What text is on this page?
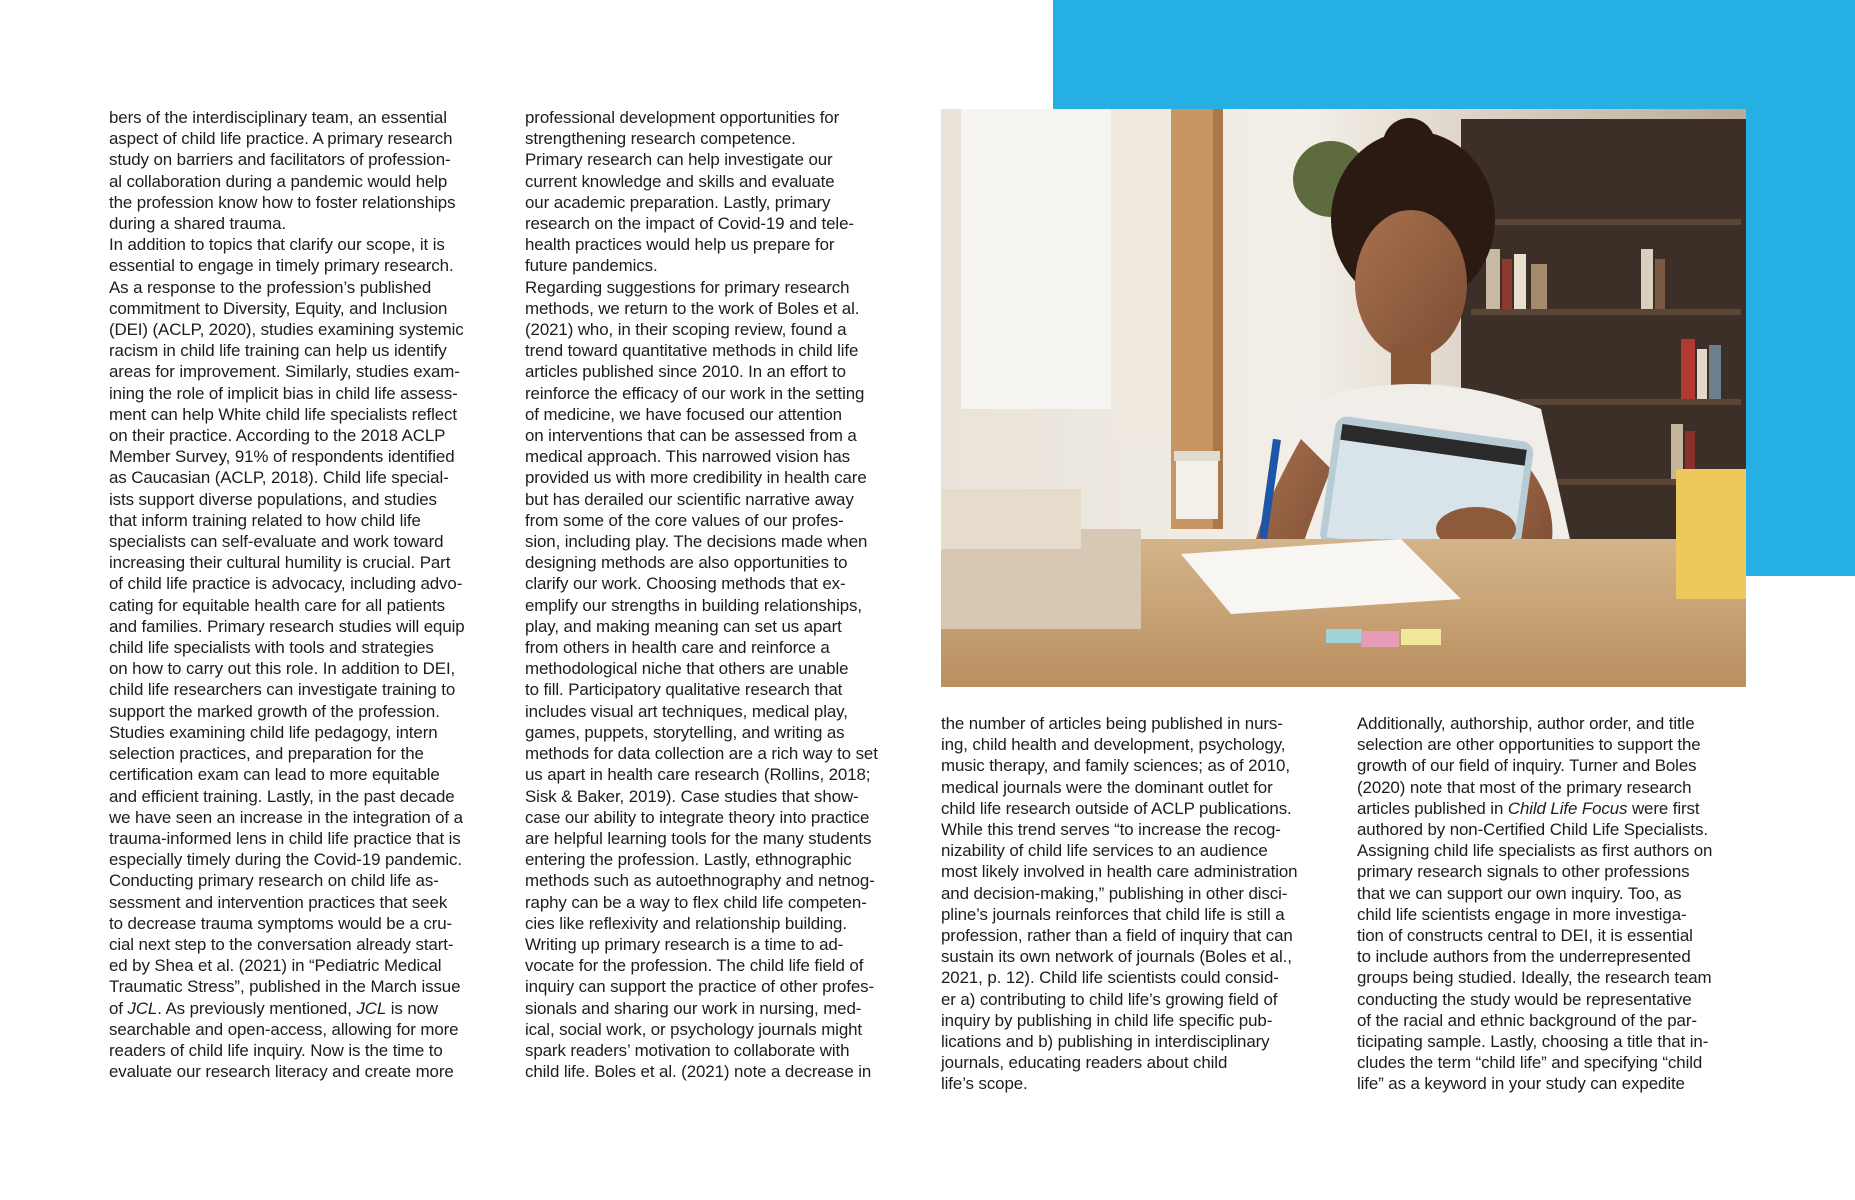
bers of the interdisciplinary team, an essential
aspect of child life practice. A primary research
study on barriers and facilitators of profession-
al collaboration during a pandemic would help
the profession know how to foster relationships
during a shared trauma.
In addition to topics that clarify our scope, it is
essential to engage in timely primary research.
As a response to the profession’s published
commitment to Diversity, Equity, and Inclusion
(DEI) (ACLP, 2020), studies examining systemic
racism in child life training can help us identify
areas for improvement. Similarly, studies exam-
ining the role of implicit bias in child life assess-
ment can help White child life specialists reflect
on their practice. According to the 2018 ACLP
Member Survey, 91% of respondents identified
as Caucasian (ACLP, 2018). Child life special-
ists support diverse populations, and studies
that inform training related to how child life
specialists can self-evaluate and work toward
increasing their cultural humility is crucial. Part
of child life practice is advocacy, including advo-
cating for equitable health care for all patients
and families. Primary research studies will equip
child life specialists with tools and strategies
on how to carry out this role. In addition to DEI,
child life researchers can investigate training to
support the marked growth of the profession.
Studies examining child life pedagogy, intern
selection practices, and preparation for the
certification exam can lead to more equitable
and efficient training. Lastly, in the past decade
we have seen an increase in the integration of a
trauma-informed lens in child life practice that is
especially timely during the Covid-19 pandemic.
Conducting primary research on child life as-
sessment and intervention practices that seek
to decrease trauma symptoms would be a cru-
cial next step to the conversation already start-
ed by Shea et al. (2021) in “Pediatric Medical
Traumatic Stress”, published in the March issue
of JCL. As previously mentioned, JCL is now
searchable and open-access, allowing for more
readers of child life inquiry. Now is the time to
evaluate our research literacy and create more
professional development opportunities for
strengthening research competence.
Primary research can help investigate our
current knowledge and skills and evaluate
our academic preparation. Lastly, primary
research on the impact of Covid-19 and tele-
health practices would help us prepare for
future pandemics.
Regarding suggestions for primary research
methods, we return to the work of Boles et al.
(2021) who, in their scoping review, found a
trend toward quantitative methods in child life
articles published since 2010. In an effort to
reinforce the efficacy of our work in the setting
of medicine, we have focused our attention
on interventions that can be assessed from a
medical approach. This narrowed vision has
provided us with more credibility in health care
but has derailed our scientific narrative away
from some of the core values of our profes-
sion, including play. The decisions made when
designing methods are also opportunities to
clarify our work. Choosing methods that ex-
emplify our strengths in building relationships,
play, and making meaning can set us apart
from others in health care and reinforce a
methodological niche that others are unable
to fill. Participatory qualitative research that
includes visual art techniques, medical play,
games, puppets, storytelling, and writing as
methods for data collection are a rich way to set
us apart in health care research (Rollins, 2018;
Sisk & Baker, 2019). Case studies that show-
case our ability to integrate theory into practice
are helpful learning tools for the many students
entering the profession. Lastly, ethnographic
methods such as autoethnography and netnog-
raphy can be a way to flex child life competen-
cies like reflexivity and relationship building.
Writing up primary research is a time to ad-
vocate for the profession. The child life field of
inquiry can support the practice of other profes-
sionals and sharing our work in nursing, med-
ical, social work, or psychology journals might
spark readers’ motivation to collaborate with
child life. Boles et al. (2021) note a decrease in
the number of articles being published in nurs-
ing, child health and development, psychology,
music therapy, and family sciences; as of 2010,
medical journals were the dominant outlet for
child life research outside of ACLP publications.
While this trend serves “to increase the recog-
nizability of child life services to an audience
most likely involved in health care administration
and decision-making,” publishing in other disci-
pline’s journals reinforces that child life is still a
profession, rather than a field of inquiry that can
sustain its own network of journals (Boles et al.,
2021, p. 12). Child life scientists could consid-
er a) contributing to child life’s growing field of
inquiry by publishing in child life specific pub-
lications and b) publishing in interdisciplinary
journals, educating readers about child
life’s scope.
Additionally, authorship, author order, and title
selection are other opportunities to support the
growth of our field of inquiry. Turner and Boles
(2020) note that most of the primary research
articles published in Child Life Focus were first
authored by non-Certified Child Life Specialists.
Assigning child life specialists as first authors on
primary research signals to other professions
that we can support our own inquiry. Too, as
child life scientists engage in more investiga-
tion of constructs central to DEI, it is essential
to include authors from the underrepresented
groups being studied. Ideally, the research team
conducting the study would be representative
of the racial and ethnic background of the par-
ticipating sample. Lastly, choosing a title that in-
cludes the term “child life” and specifying “child
life” as a keyword in your study can expedite
